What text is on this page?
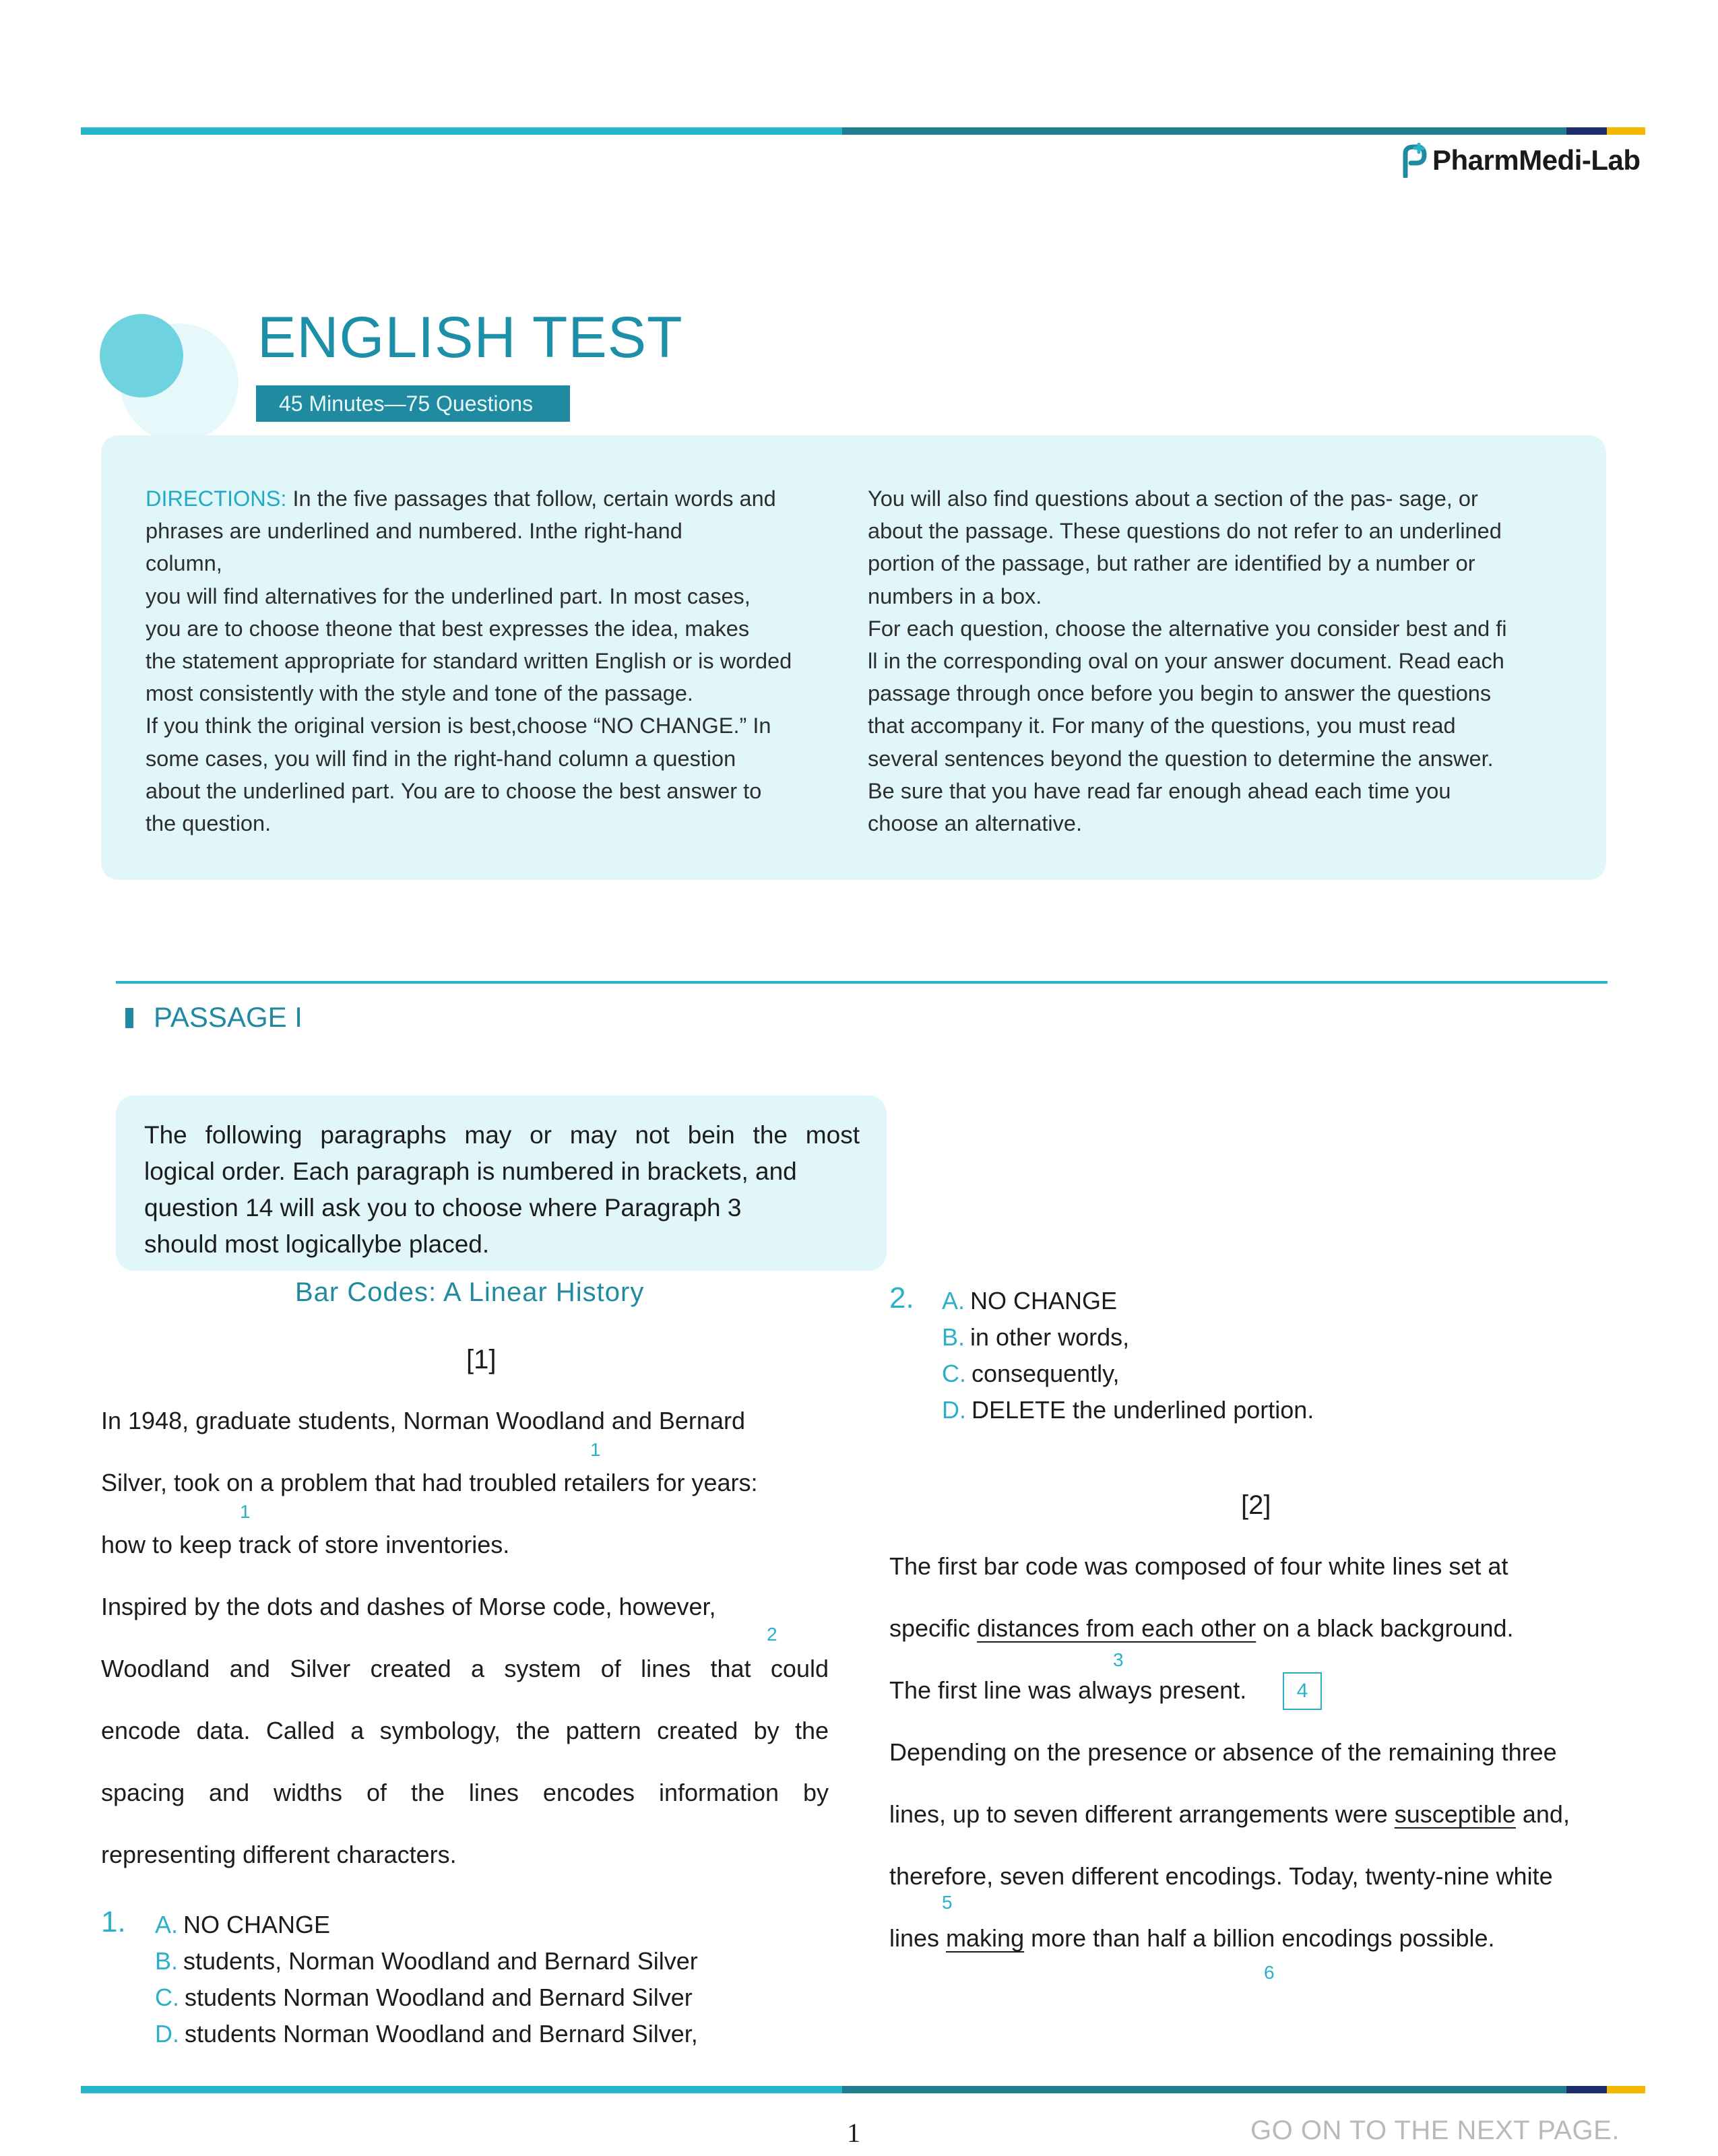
PharmMedi-Lab
ENGLISH TEST
45 Minutes—75 Questions

DIRECTIONS: In the ﬁve passages that follow, certain words and

phrases are underlined and numbered. Inthe right-hand

column,

you will ﬁnd alternatives for the underlined part. In most cases,

you are to choose theone that best expresses the idea, makes

the statement appropriate for standard written English or is worded

most consistently with the style and tone of the passage.

If you think the original version is best,choose “NO CHANGE.” In

some cases, you will ﬁnd in the right-hand column a question

about the underlined part. You are to choose the best answer to

the question.

You will also ﬁnd questions about a section of the pas- sage, or

about the passage. These questions do not refer to an underlined

portion of the passage, but rather are identiﬁed by a number or

numbers in a box.

For each question, choose the alternative you consider best and ﬁ

ll in the corresponding oval on your answer document. Read each

passage through once before you begin to answer the questions

that accompany it. For many of the questions, you must read

several sentences beyond the question to determine the answer.

Be sure that you have read far enough ahead each time you

choose an alternative.

PASSAGE I
The following paragraphs may or may not bein the most
logical order. Each paragraph is numbered in brackets, and
question 14 will ask you to choose where Paragraph 3
should most logicallybe placed.
Bar Codes: A Linear History
[1]
In 1948, graduate students, Norman Woodland and Bernard
1
Silver, took on a problem that had troubled retailers for years:
1
how to keep track of store inventories.
Inspired by the dots and dashes of Morse code, however,
2
Woodland and Silver created a system of lines that could
encode data. Called a symbology, the pattern created by the
spacing and widths of the lines encodes information by
representing different characters.
1. A. NO CHANGE
B. students, Norman Woodland and Bernard Silver
C. students Norman Woodland and Bernard Silver
D. students Norman Woodland and Bernard Silver,
2. A. NO CHANGE
B. in other words,
C. consequently,
D. DELETE the underlined portion.
[2]
The first bar code was composed of four white lines set at
specific distances from each other on a black background.
3
The first line was always present.	4
Depending on the presence or absence of the remaining three
lines, up to seven different arrangements were susceptible and,
therefore, seven different encodings. Today, twenty-nine white
5
lines making more than half a billion encodings possible.
6
1	GO ON TO THE NEXT PAGE.
